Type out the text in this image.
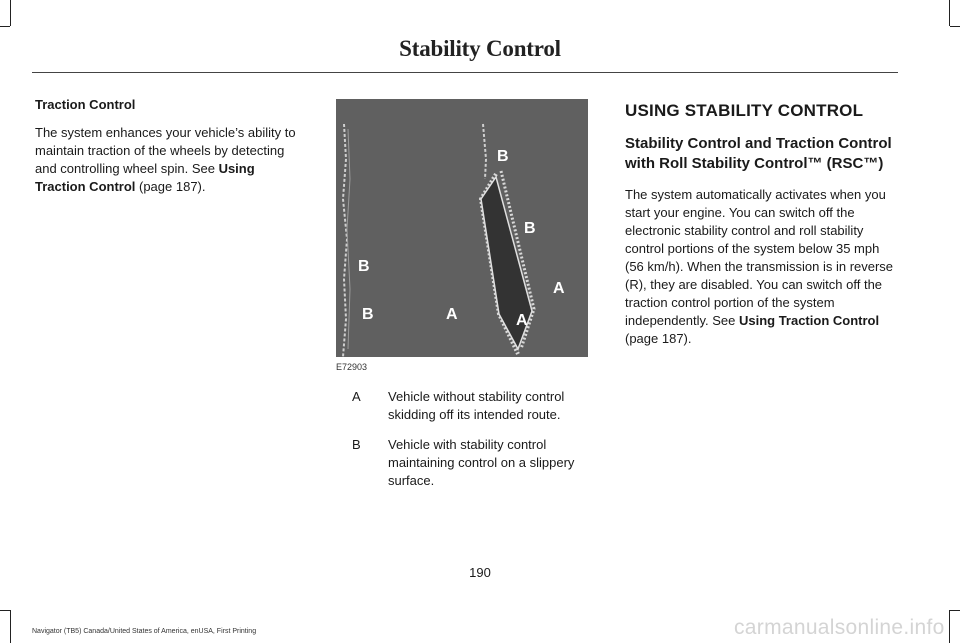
Stability Control

Traction Control

The system enhances your vehicle’s ability to maintain traction of the wheels by detecting and controlling wheel spin. See Using Traction Control (page 187).

B
B
B
A
B	A	A
E72903
A	Vehicle without stability control skidding off its intended route.
B	Vehicle with stability control maintaining control on a slippery surface.

USING STABILITY CONTROL

Stability Control and Traction Control with Roll Stability Control™ (RSC™)

The system automatically activates when you start your engine. You can switch off the electronic stability control and roll stability control portions of the system below 35 mph (56 km/h). When the transmission is in reverse (R), they are disabled. You can switch off the traction control portion of the system independently. See Using Traction Control (page 187).

190
Navigator (TB5) Canada/United States of America, enUSA, First Printing	carmanualsonline.info
